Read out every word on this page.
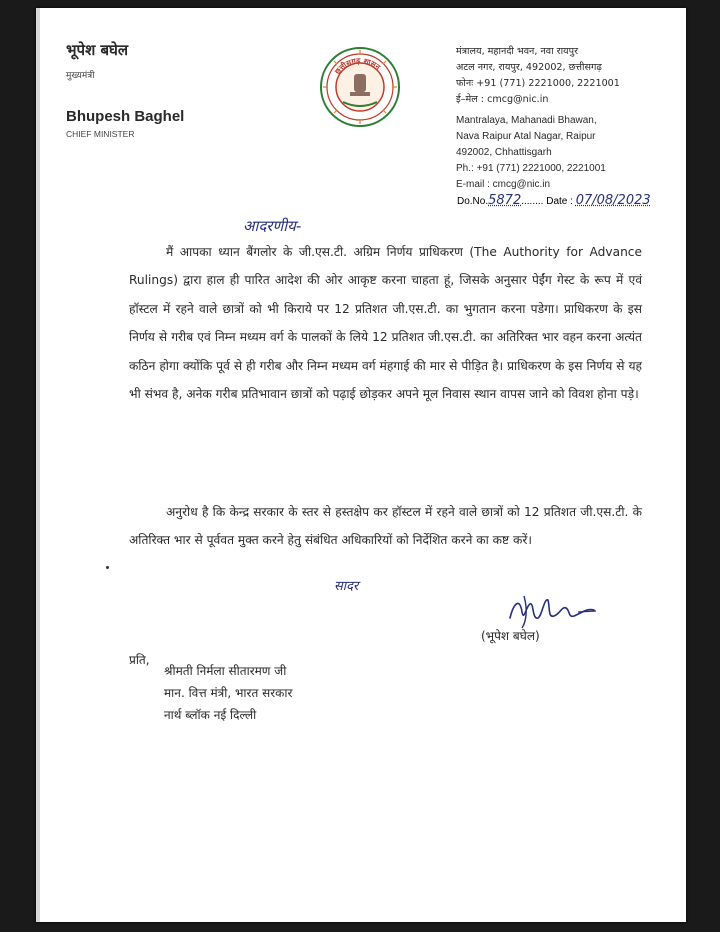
भूपेश बघेल
मुख्यमंत्री
Bhupesh Baghel
CHIEF MINISTER
छत्तीसगढ़ शासन
मंत्रालय, महानदी भवन, नवा रायपुर
अटल नगर, रायपुर, 492002, छत्तीसगढ़
फोनः +91 (771) 2221000, 2221001
ई–मेल : cmcg@nic.in
Mantralaya, Mahanadi Bhawan,
Nava Raipur Atal Nagar, Raipur
492002, Chhattisgarh
Ph.: +91 (771) 2221000, 2221001
E-mail : cmcg@nic.in
Do.No.5872........ Date : 07/08/2023
आदरणीय-
मैं आपका ध्यान बैंगलोर के जी.एस.टी. अग्रिम निर्णय प्राधिकरण (The Authority for Advance Rulings) द्वारा हाल ही पारित आदेश की ओर आकृष्ट करना चाहता हूं, जिसके अनुसार पेईंग गेस्ट के रूप में एवं हॉस्टल में रहने वाले छात्रों को भी किराये पर 12 प्रतिशत जी.एस.टी. का भुगतान करना पडेगा। प्राधिकरण के इस निर्णय से गरीब एवं निम्न मध्यम वर्ग के पालकों के लिये 12 प्रतिशत जी.एस.टी. का अतिरिक्त भार वहन करना अत्यंत कठिन होगा क्योंकि पूर्व से ही गरीब और निम्न मध्यम वर्ग मंहगाई की मार से पीड़ित है। प्राधिकरण के इस निर्णय से यह भी संभव है, अनेक गरीब प्रतिभावान छात्रों को पढ़ाई छोड़कर अपने मूल निवास स्थान वापस जाने को विवश होना पड़े।
अनुरोध है कि केन्द्र सरकार के स्तर से हस्तक्षेप कर हॉस्टल में रहने वाले छात्रों को 12 प्रतिशत जी.एस.टी. के अतिरिक्त भार से पूर्ववत मुक्त करने हेतु संबंधित अधिकारियों को निर्देशित करने का कष्ट करें।
सादर
(भूपेश बघेल)
प्रति,
श्रीमती निर्मला सीतारमण जी
मान. वित्त मंत्री, भारत सरकार
नार्थ ब्लॉक नई दिल्ली
